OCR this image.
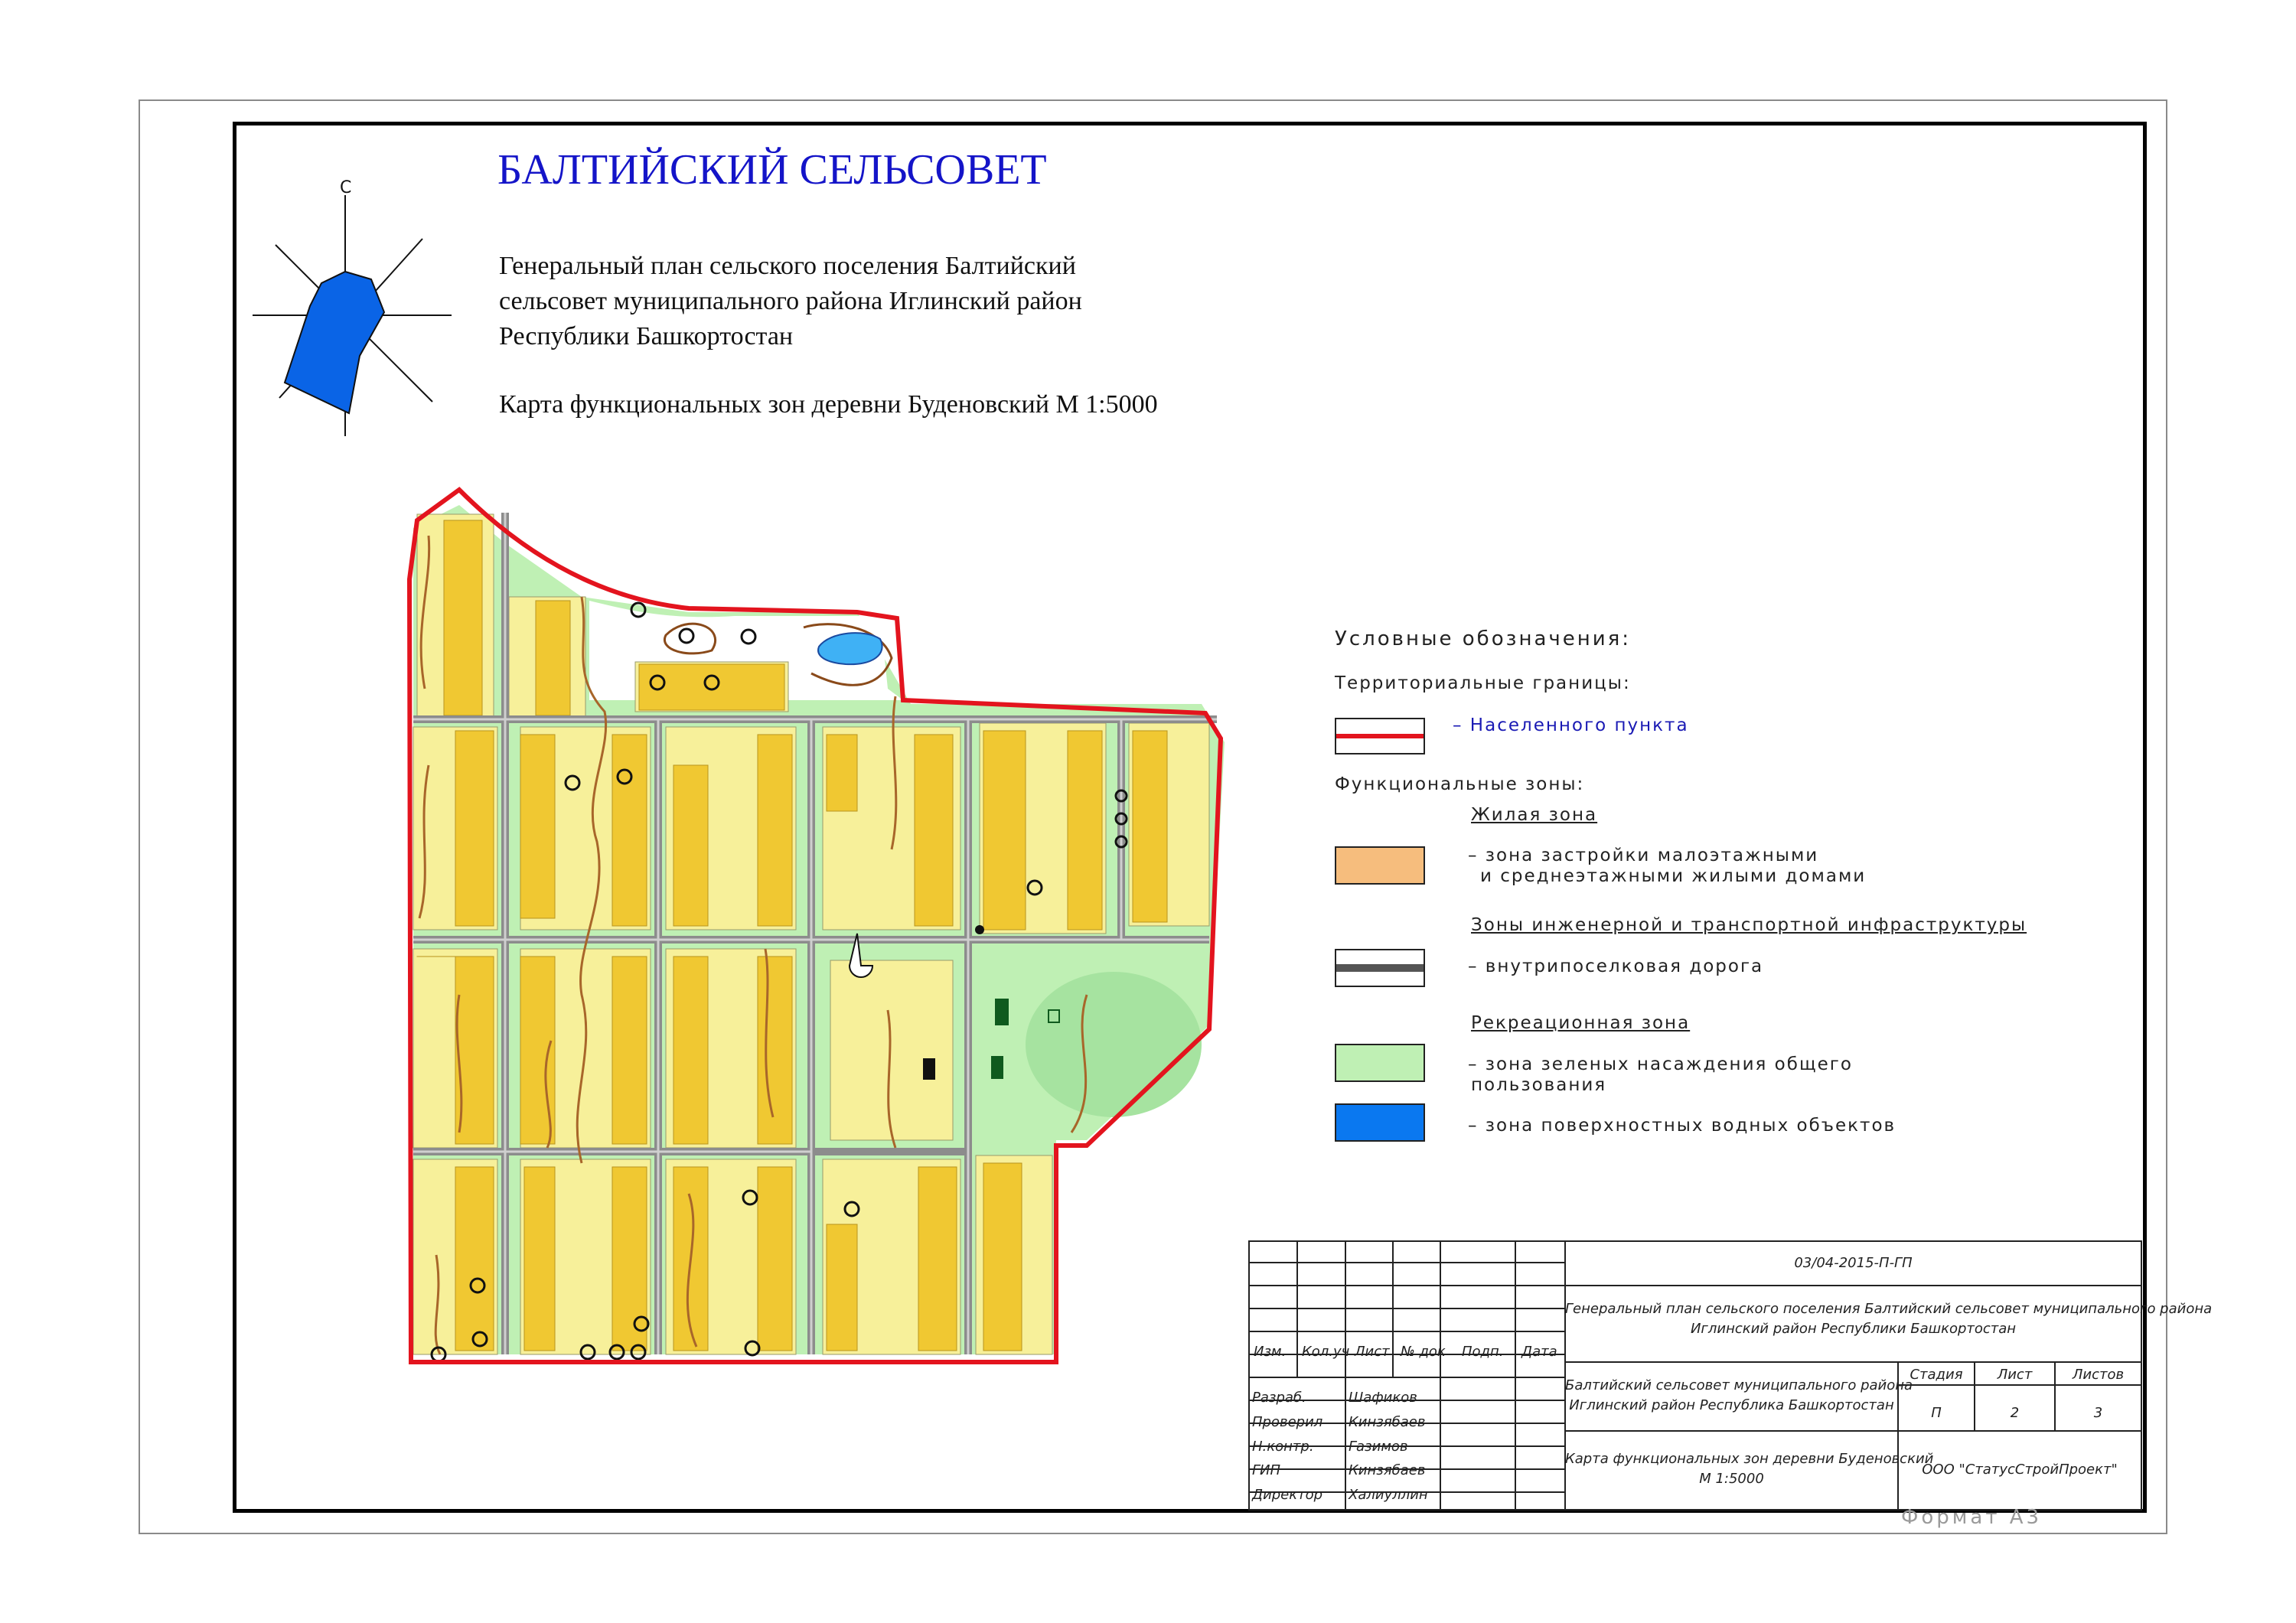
БАЛТИЙСКИЙ СЕЛЬСОВЕТ
Генеральный план сельского поселения Балтийский
сельсовет муниципального района Иглинский район
Республики Башкортостан
Карта функциональных зон деревни Буденовский М 1:5000
С
Условные обозначения:
Территориальные границы:
– Населенного пункта
Функциональные зоны:
Жилая зона
– зона застройки малоэтажными
и среднеэтажными жилыми домами
Зоны инженерной и транспортной инфраструктуры
– внутрипоселковая дорога
Рекреационная зона
– зона зеленых насаждения общего
пользования
– зона поверхностных водных объектов
Изм. Кол.уч Лист № док Подп. Дата
Разраб.	Шафиков
Проверил Кинзябаев
Н.контр.	Газимов
ГИП	Кинзябаев
Директор Халиуллин
03/04-2015-П-ГП
Генеральный план сельского поселения Балтийский сельсовет муниципального района
Иглинский район Республики Башкортостан
Балтийский сельсовет муниципального района
Иглинский район Республика Башкортостан
Карта функциональных зон деревни Буденовский
М 1:5000
ООО "СтатусСтройПроект"
Стадия	Лист	Листов
П	2	3
Формат А3
